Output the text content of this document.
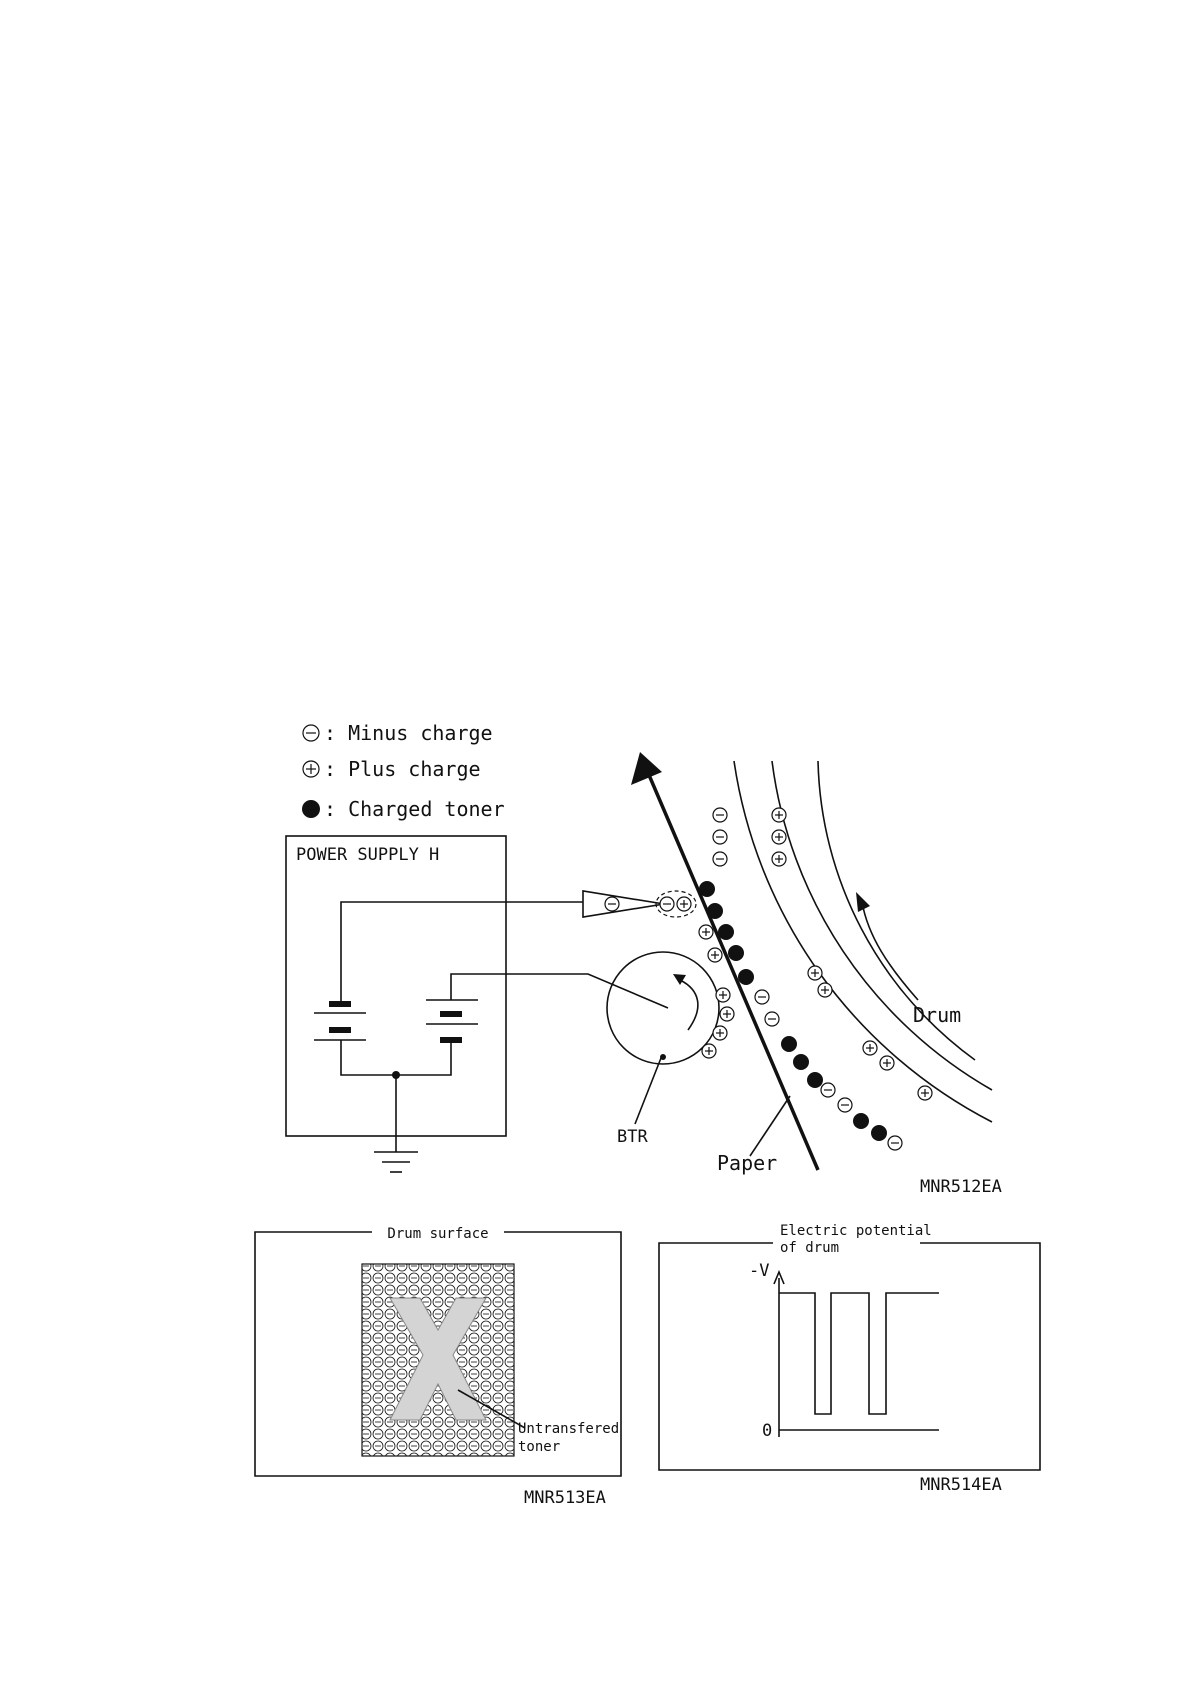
: Minus charge
: Plus charge
: Charged toner
POWER SUPPLY H
BTR
Paper
Drum
MNR512EA
Drum surface
Untransfered
toner
MNR513EA
Electric potential
of drum
-V
0
MNR514EA
